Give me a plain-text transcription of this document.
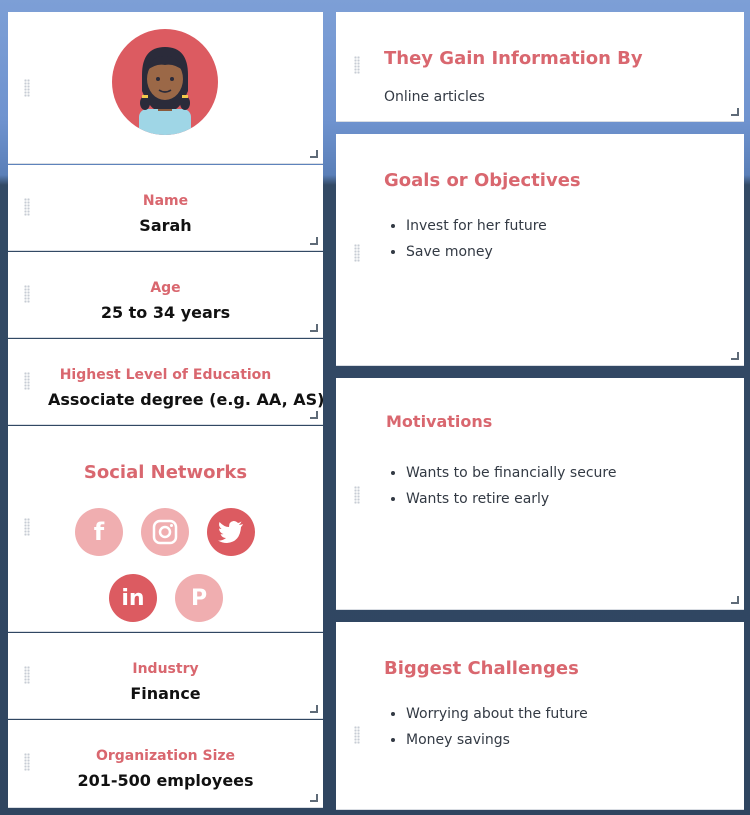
Name
Sarah
Age
25 to 34 years
Highest Level of Education
Associate degree (e.g. AA, AS)
Social Networks
f
in	P
Industry
Finance
Organization Size
201-500 employees
They Gain Information By
Online articles
Goals or Objectives
• Invest for her future
• Save money
Motivations
• Wants to be financially secure
• Wants to retire early
Biggest Challenges
• Worrying about the future
• Money savings
